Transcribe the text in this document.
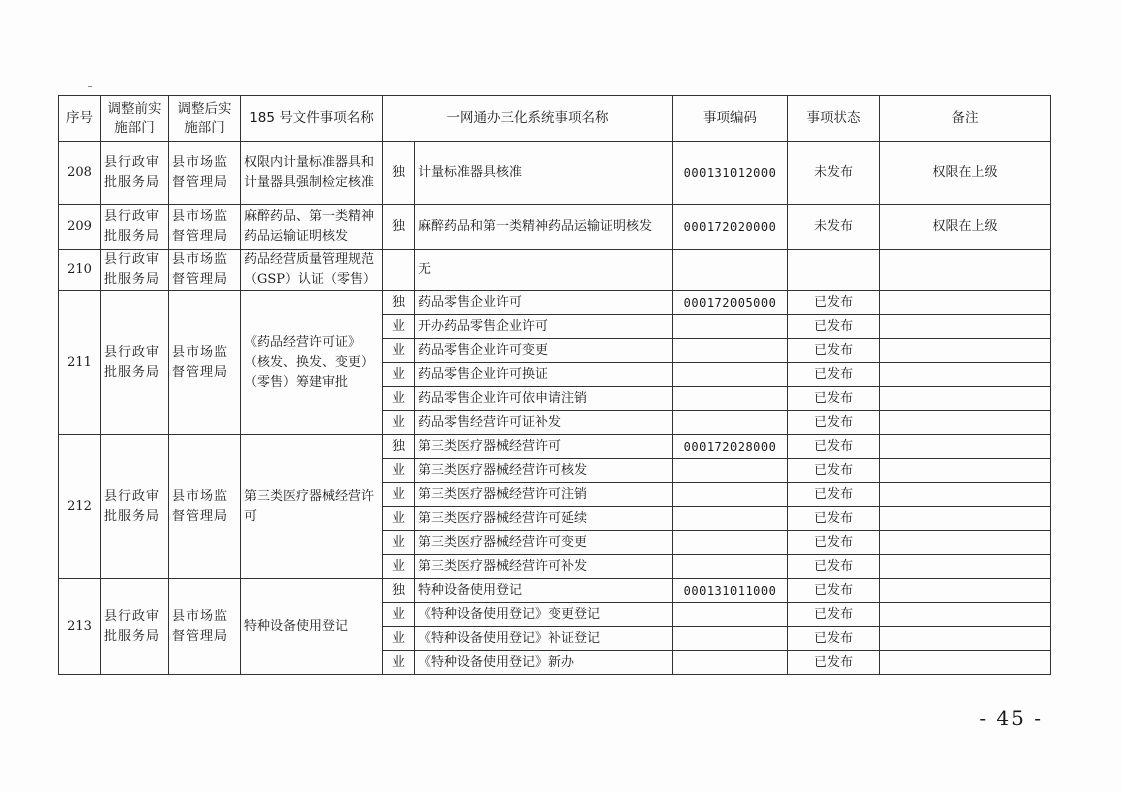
序号	调整前实施部门	调整后实施部门	185 号文件事项名称	一网通办三化系统事项名称		事项编码	事项状态	备注
208	县行政审批服务局	县市场监督管理局	权限内计量标准器具和计量器具强制检定核准	独	计量标准器具核准	000131012000	未发布	权限在上级
209	县行政审批服务局	县市场监督管理局	麻醉药品、第一类精神药品运输证明核发	独	麻醉药品和第一类精神药品运输证明核发	000172020000	未发布	权限在上级
210	县行政审批服务局	县市场监督管理局	药品经营质量管理规范（GSP）认证（零售）		无			
211	县行政审批服务局	县市场监督管理局	《药品经营许可证》（核发、换发、变更）（零售）筹建审批	独	药品零售企业许可	000172005000	已发布	
				业	开办药品零售企业许可		已发布	
				业	药品零售企业许可变更		已发布	
				业	药品零售企业许可换证		已发布	
				业	药品零售企业许可依申请注销		已发布	
				业	药品零售经营许可证补发		已发布	
212	县行政审批服务局	县市场监督管理局	第三类医疗器械经营许可	独	第三类医疗器械经营许可	000172028000	已发布	
				业	第三类医疗器械经营许可核发		已发布	
				业	第三类医疗器械经营许可注销		已发布	
				业	第三类医疗器械经营许可延续		已发布	
				业	第三类医疗器械经营许可变更		已发布	
				业	第三类医疗器械经营许可补发		已发布	
213	县行政审批服务局	县市场监督管理局	特种设备使用登记	独	特种设备使用登记	000131011000	已发布	
				业	《特种设备使用登记》变更登记		已发布	
				业	《特种设备使用登记》补证登记		已发布	
				业	《特种设备使用登记》新办		已发布	
- 45 -
